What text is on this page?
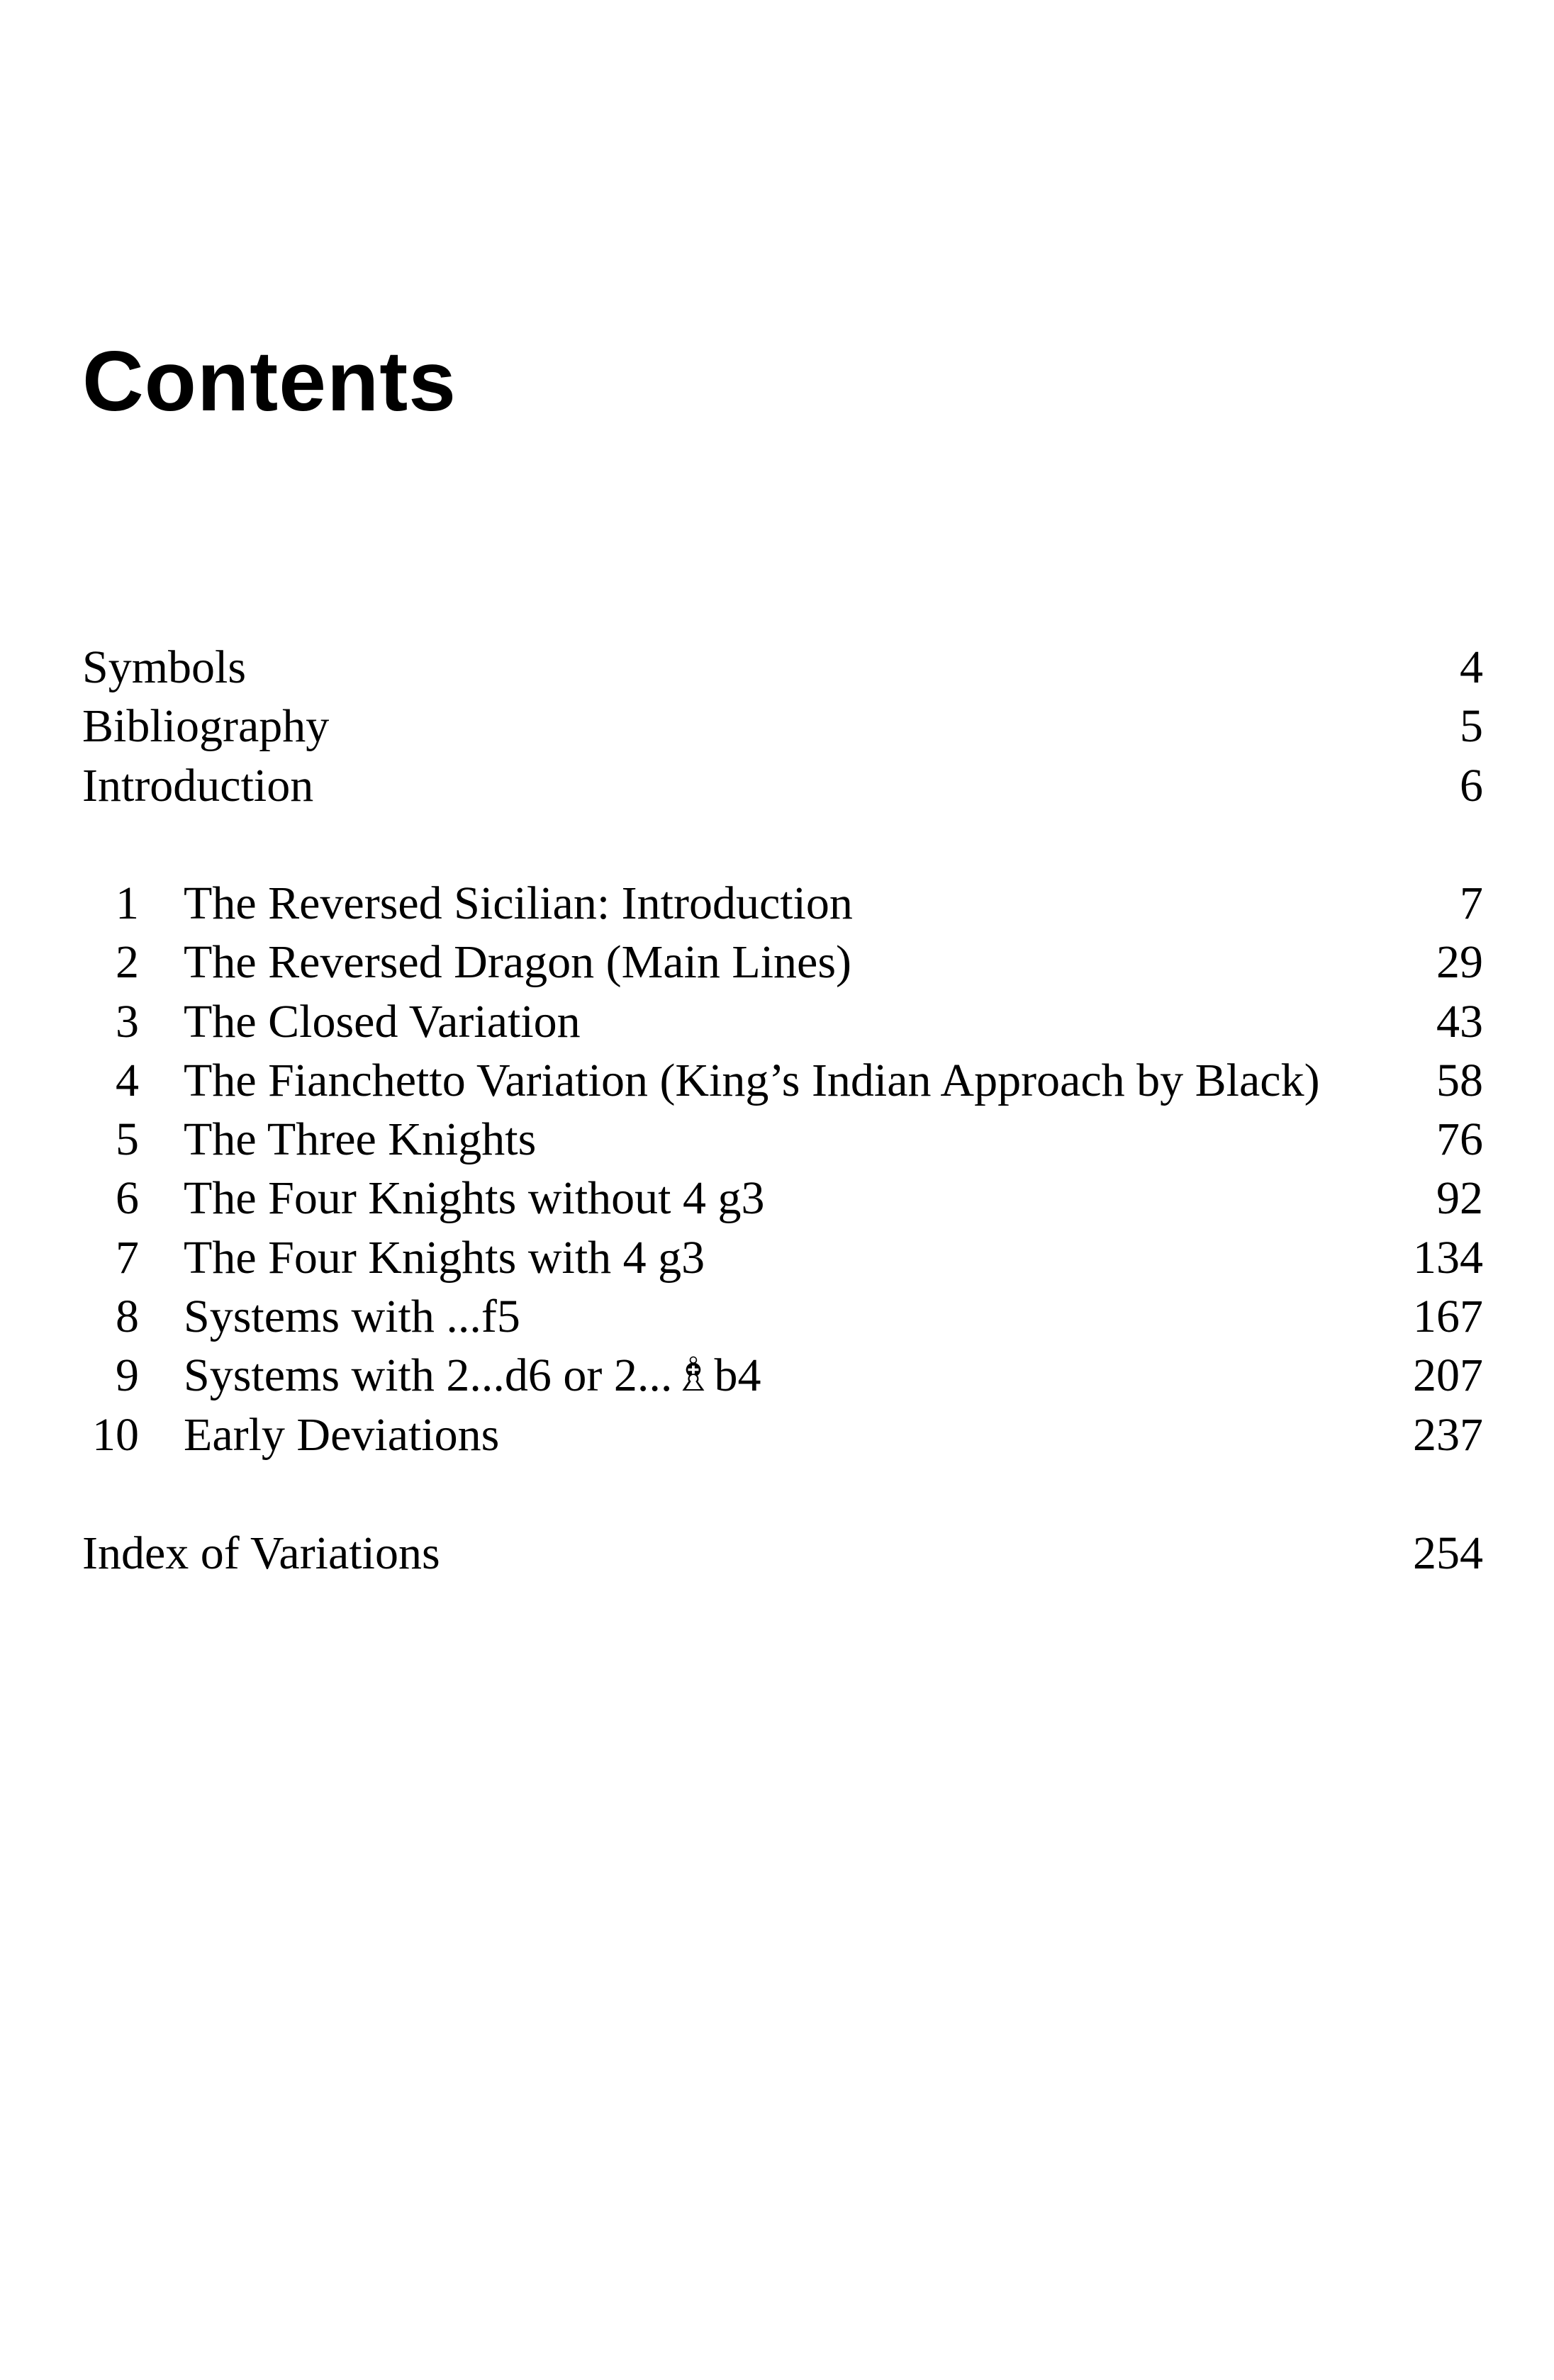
Contents
Symbols	4
Bibliography	5
Introduction	6
1 The Reversed Sicilian: Introduction	7
2 The Reversed Dragon (Main Lines)	29
3 The Closed Variation	43
4 The Fianchetto Variation (King’s Indian Approach by Black) 58
5 The Three Knights	76
6 The Four Knights without 4 g3	92
7 The Four Knights with 4 g3	134
8 Systems with ...f5	167
9 Systems with 2...d6 or 2...♗b4	207
10 Early Deviations	237
Index of Variations	254
